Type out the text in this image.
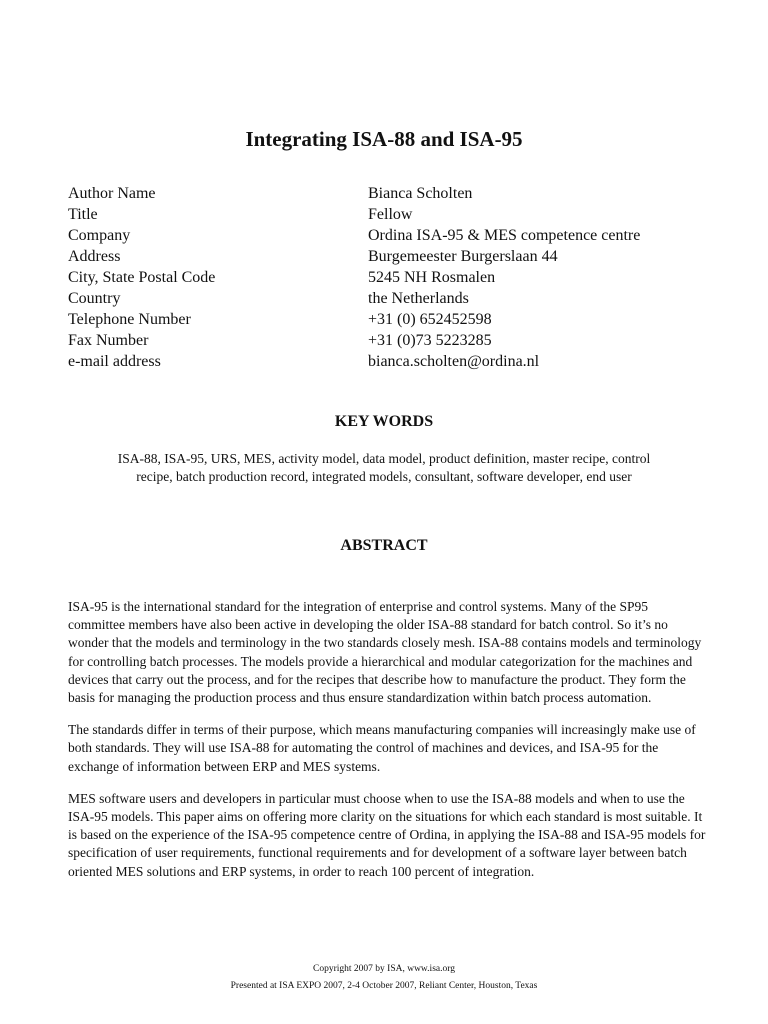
Integrating ISA-88 and ISA-95
Author Name	Bianca Scholten
Title	Fellow
Company	Ordina ISA-95 & MES competence centre
Address	Burgemeester Burgerslaan 44
City, State Postal Code	5245 NH Rosmalen
Country	the Netherlands
Telephone Number	+31 (0) 652452598
Fax Number	+31 (0)73 5223285
e-mail address	bianca.scholten@ordina.nl
KEY WORDS
ISA-88, ISA-95, URS, MES, activity model, data model, product definition, master recipe, control
recipe, batch production record, integrated models, consultant, software developer, end user
ABSTRACT

ISA-95 is the international standard for the integration of enterprise and control systems. Many of the SP95 committee members have also been active in developing the older ISA-88 standard for batch control. So it’s no wonder that the models and terminology in the two standards closely mesh. ISA-88 contains models and terminology for controlling batch processes. The models provide a hierarchical and modular categorization for the machines and devices that carry out the process, and for the recipes that describe how to manufacture the product. They form the basis for managing the production process and thus ensure standardization within batch process automation.

The standards differ in terms of their purpose, which means manufacturing companies will increasingly make use of both standards. They will use ISA-88 for automating the control of machines and devices, and ISA-95 for the exchange of information between ERP and MES systems.

MES software users and developers in particular must choose when to use the ISA-88 models and when to use the ISA-95 models. This paper aims on offering more clarity on the situations for which each standard is most suitable. It is based on the experience of the ISA-95 competence centre of Ordina, in applying the ISA-88 and ISA-95 models for specification of user requirements, functional requirements and for development of a software layer between batch oriented MES solutions and ERP systems, in order to reach 100 percent of integration.

Copyright 2007 by ISA, www.isa.org
Presented at ISA EXPO 2007, 2-4 October 2007, Reliant Center, Houston, Texas
